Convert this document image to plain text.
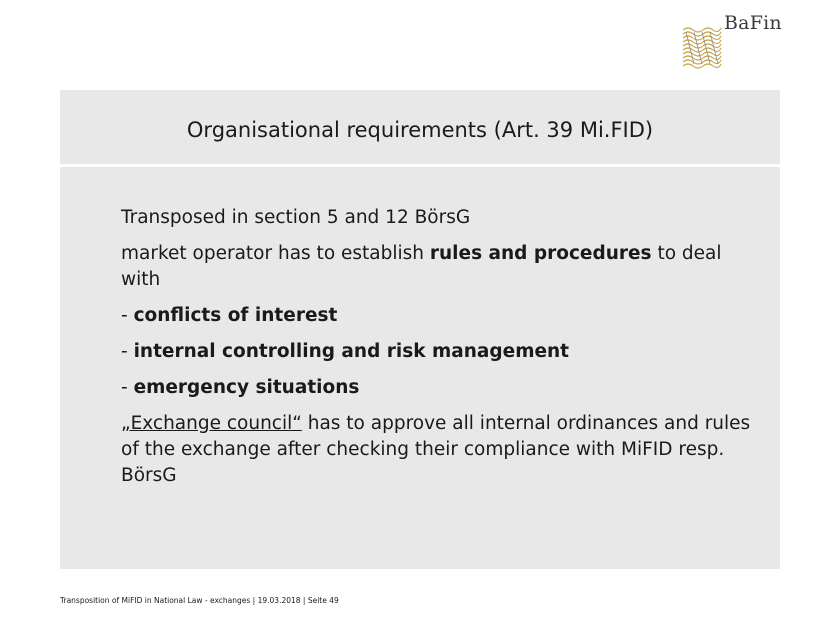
BaFin
Organisational requirements (Art. 39 Mi.FID)

Transposed in section 5 and 12 BörsG

market operator has to establish rules and procedures to deal with

- conflicts of interest

- internal controlling and risk management

- emergency situations

„Exchange council“ has to approve all internal ordinances and rules of the exchange after checking their compliance with MiFID resp. BörsG

Transposition of MiFID in National Law - exchanges | 19.03.2018 | Seite 49
